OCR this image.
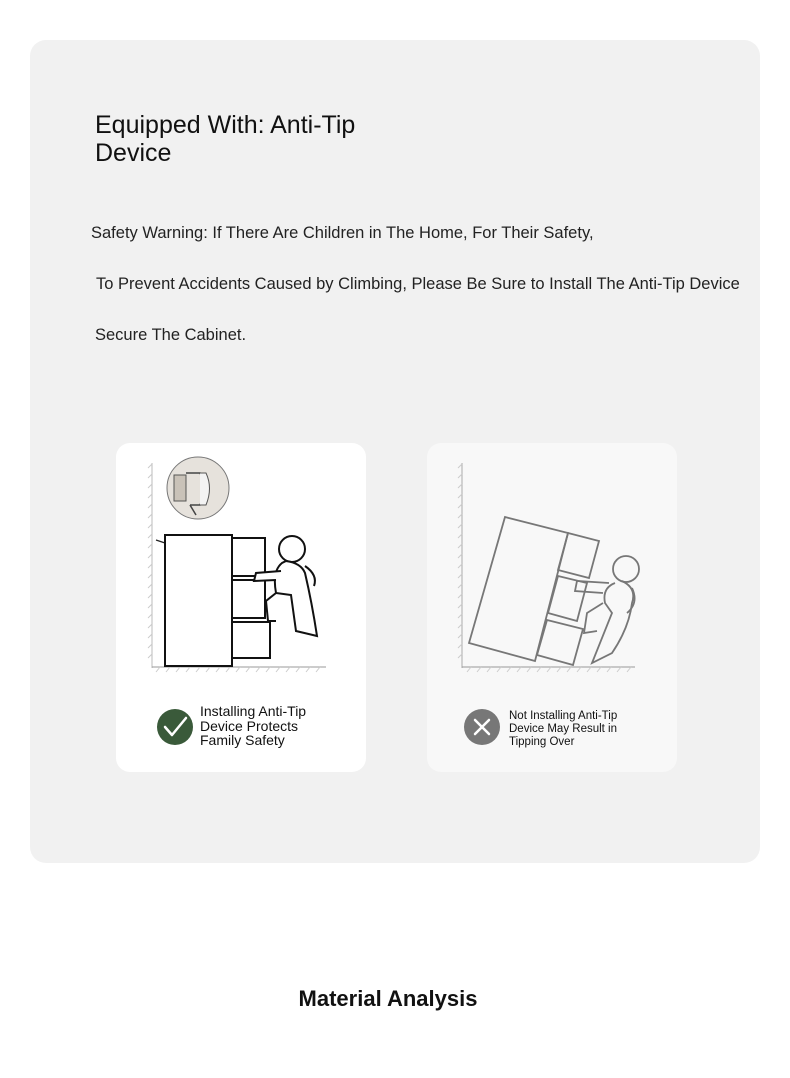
Equipped With: Anti-Tip Device

Safety Warning: If There Are Children in The Home, For Their Safety,

To Prevent Accidents Caused by Climbing, Please Be Sure to Install The Anti-Tip Device

Secure The Cabinet.

Installing Anti-Tip Device Protects Family Safety

Not Installing Anti-Tip Device May Result in Tipping Over

Material Analysis
